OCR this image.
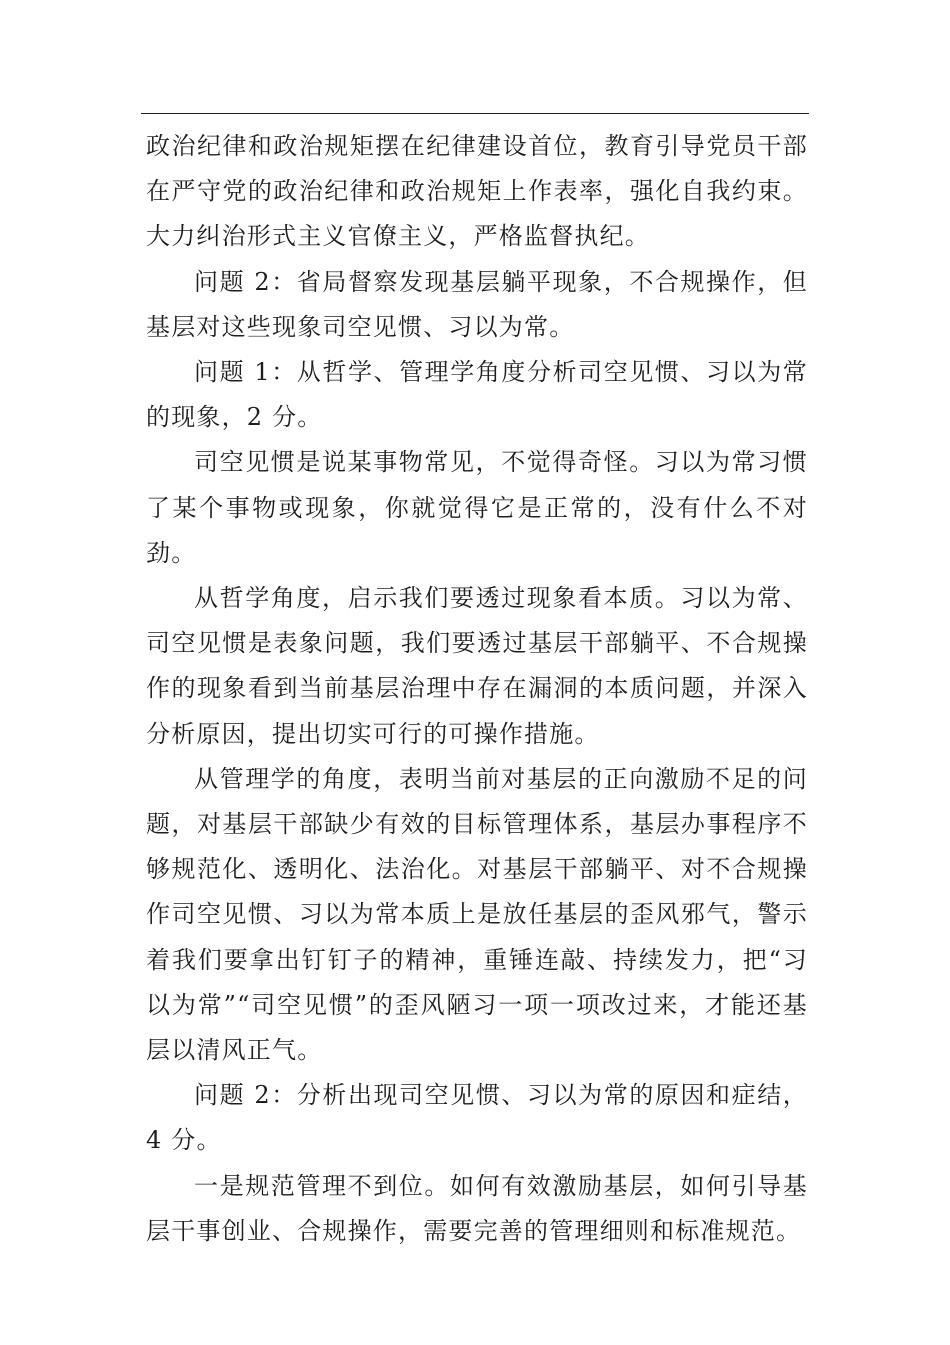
政治纪律和政治规矩摆在纪律建设首位，教育引导党员干部在严守党的政治纪律和政治规矩上作表率，强化自我约束。大力纠治形式主义官僚主义，严格监督执纪。

问题 2：省局督察发现基层躺平现象，不合规操作，但基层对这些现象司空见惯、习以为常。

问题 1：从哲学、管理学角度分析司空见惯、习以为常的现象，2 分。

司空见惯是说某事物常见，不觉得奇怪。习以为常习惯了某个事物或现象，你就觉得它是正常的，没有什么不对劲。

从哲学角度，启示我们要透过现象看本质。习以为常、司空见惯是表象问题，我们要透过基层干部躺平、不合规操作的现象看到当前基层治理中存在漏洞的本质问题，并深入分析原因，提出切实可行的可操作措施。

从管理学的角度，表明当前对基层的正向激励不足的问题，对基层干部缺少有效的目标管理体系，基层办事程序不够规范化、透明化、法治化。对基层干部躺平、对不合规操作司空见惯、习以为常本质上是放任基层的歪风邪气，警示着我们要拿出钉钉子的精神，重锤连敲、持续发力，把“习以为常”“司空见惯”的歪风陋习一项一项改过来，才能还基层以清风正气。

问题 2：分析出现司空见惯、习以为常的原因和症结，4 分。

一是规范管理不到位。如何有效激励基层，如何引导基层干事创业、合规操作，需要完善的管理细则和标准规范。
